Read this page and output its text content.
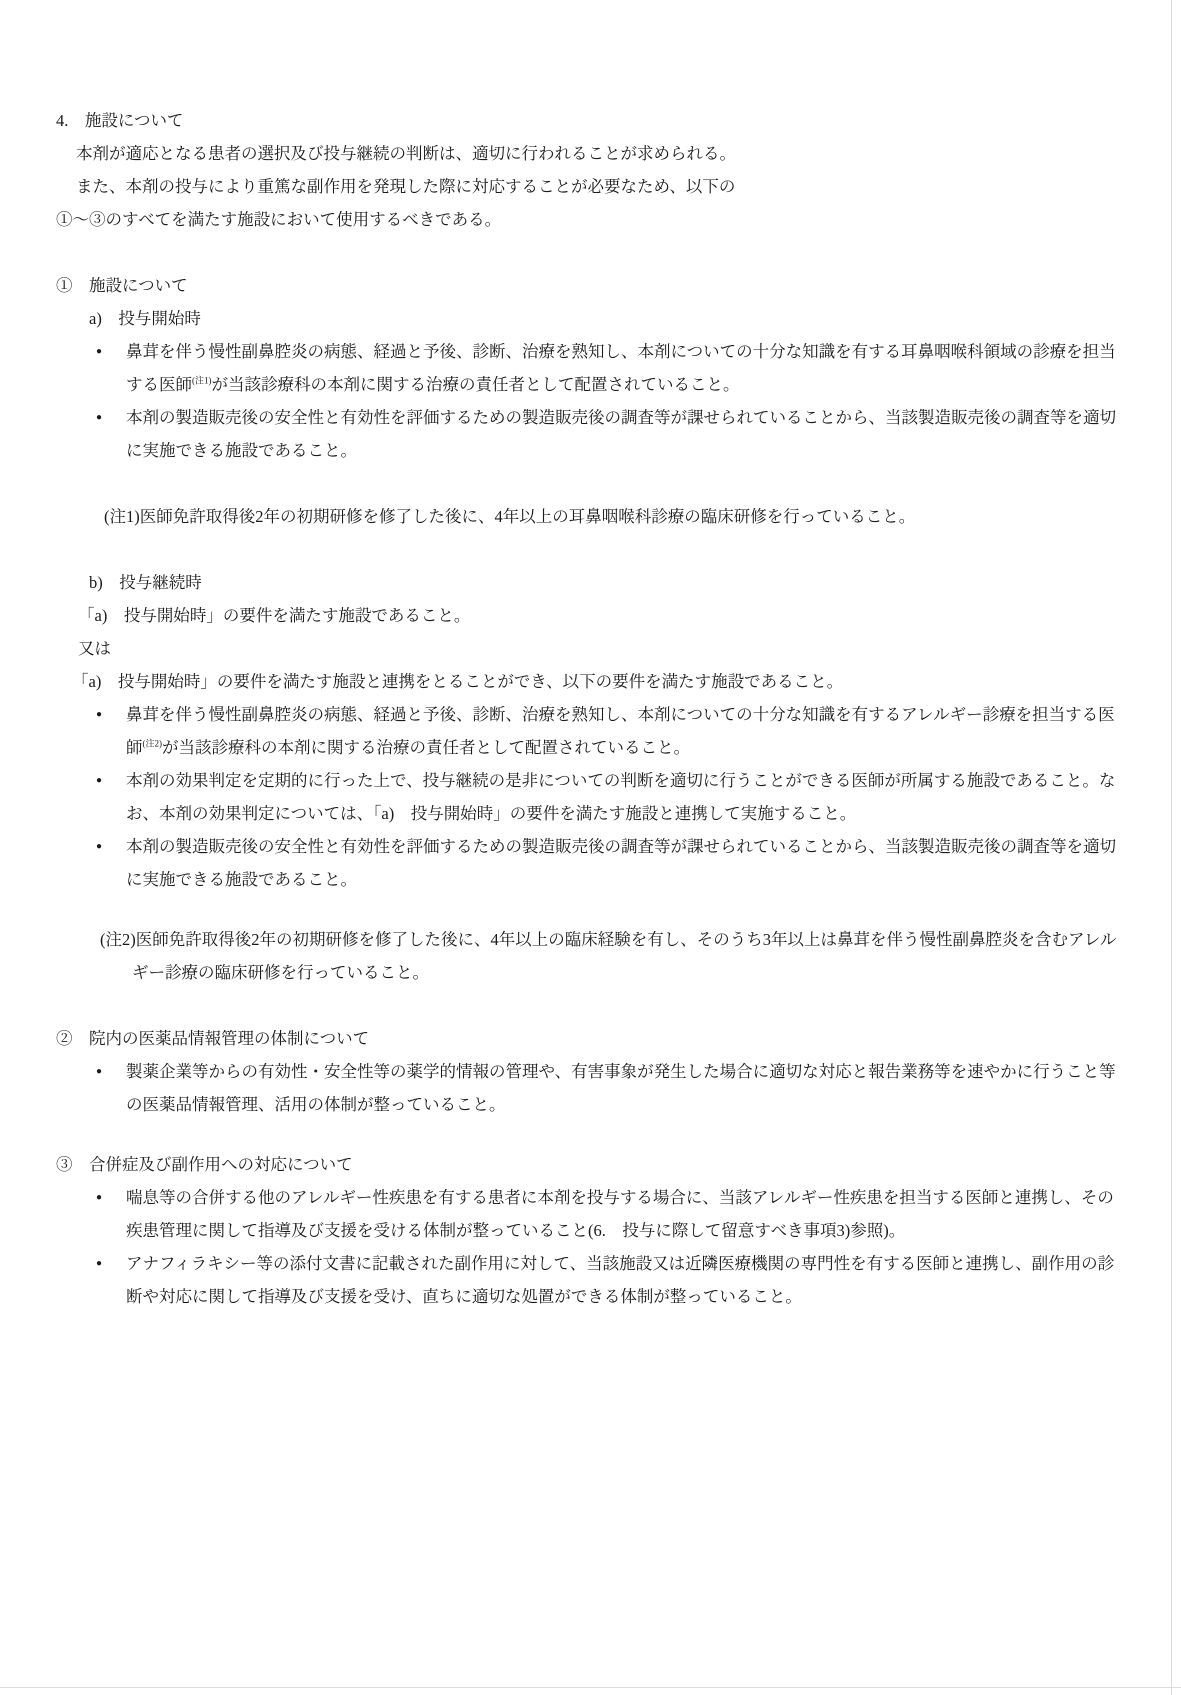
4.　施設について

本剤が適応となる患者の選択及び投与継続の判断は、適切に行われることが求められる。

また、本剤の投与により重篤な副作用を発現した際に対応することが必要なため、以下の

①～③のすべてを満たす施設において使用するべきである。

①　施設について

a)　投与開始時

●	鼻茸を伴う慢性副鼻腔炎の病態、経過と予後、診断、治療を熟知し、本剤についての十分な知識を有する耳鼻咽喉科領域の診療を担当する医師$^{(注1)}$が当該診療科の本剤に関する治療の責任者として配置されていること。

●	本剤の製造販売後の安全性と有効性を評価するための製造販売後の調査等が課せられていることから、当該製造販売後の調査等を適切に実施できる施設であること。

(注1)医師免許取得後2年の初期研修を修了した後に、4年以上の耳鼻咽喉科診療の臨床研修を行っていること。

b)　投与継続時

「a)　投与開始時」の要件を満たす施設であること。

又は

「a)　投与開始時」の要件を満たす施設と連携をとることができ、以下の要件を満たす施設であること。

●	鼻茸を伴う慢性副鼻腔炎の病態、経過と予後、診断、治療を熟知し、本剤についての十分な知識を有するアレルギー診療を担当する医師$^{(注2)}$が当該診療科の本剤に関する治療の責任者として配置されていること。

●	本剤の効果判定を定期的に行った上で、投与継続の是非についての判断を適切に行うことができる医師が所属する施設であること。なお、本剤の効果判定については、「a)　投与開始時」の要件を満たす施設と連携して実施すること。

●	本剤の製造販売後の安全性と有効性を評価するための製造販売後の調査等が課せられていることから、当該製造販売後の調査等を適切に実施できる施設であること。

(注2)医師免許取得後2年の初期研修を修了した後に、4年以上の臨床経験を有し、そのうち3年以上は鼻茸を伴う慢性副鼻腔炎を含むアレルギー診療の臨床研修を行っていること。

②　院内の医薬品情報管理の体制について

●	製薬企業等からの有効性・安全性等の薬学的情報の管理や、有害事象が発生した場合に適切な対応と報告業務等を速やかに行うこと等の医薬品情報管理、活用の体制が整っていること。

③　合併症及び副作用への対応について

●	喘息等の合併する他のアレルギー性疾患を有する患者に本剤を投与する場合に、当該アレルギー性疾患を担当する医師と連携し、その疾患管理に関して指導及び支援を受ける体制が整っていること(6.　投与に際して留意すべき事項3)参照)。

●	アナフィラキシー等の添付文書に記載された副作用に対して、当該施設又は近隣医療機関の専門性を有する医師と連携し、副作用の診断や対応に関して指導及び支援を受け、直ちに適切な処置ができる体制が整っていること。
